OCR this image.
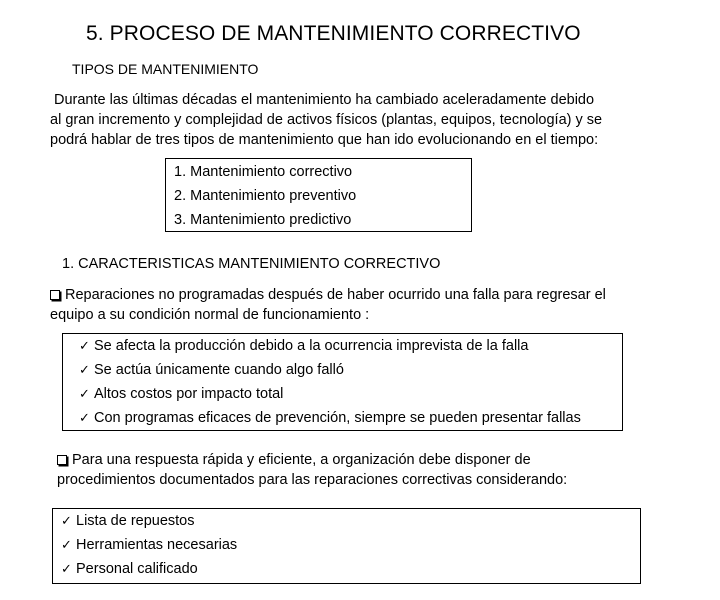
5. PROCESO DE MANTENIMIENTO CORRECTIVO
TIPOS DE MANTENIMIENTO
Durante las últimas décadas el mantenimiento ha cambiado aceleradamente debido
al gran incremento y complejidad de activos físicos (plantas, equipos, tecnología) y se
podrá hablar de tres tipos de mantenimiento que han ido evolucionando en el tiempo:
1. Mantenimiento correctivo
2. Mantenimiento preventivo
3. Mantenimiento predictivo
1. CARACTERISTICAS MANTENIMIENTO CORRECTIVO
Reparaciones no programadas después de haber ocurrido una falla para regresar el
equipo a su condición normal de funcionamiento :
✓ Se afecta la producción debido a la ocurrencia imprevista de la falla
✓ Se actúa únicamente cuando algo falló
✓ Altos costos por impacto total
✓ Con programas eficaces de prevención, siempre se pueden presentar fallas
Para una respuesta rápida y eficiente, a organización debe disponer de
procedimientos documentados para las reparaciones correctivas considerando:
✓ Lista de repuestos
✓ Herramientas necesarias
✓ Personal calificado
